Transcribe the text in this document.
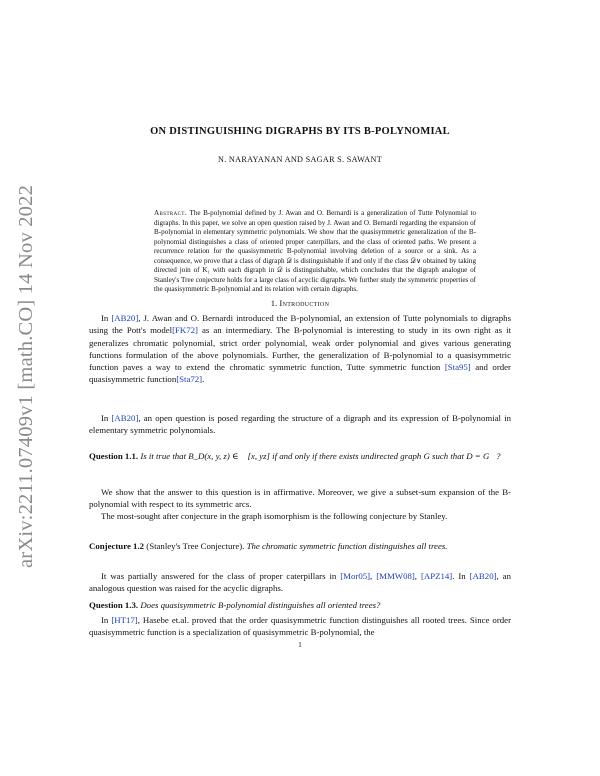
arXiv:2211.07409v1 [math.CO] 14 Nov 2022
ON DISTINGUISHING DIGRAPHS BY ITS B-POLYNOMIAL
N. NARAYANAN AND SAGAR S. SAWANT
Abstract. The B-polynomial defined by J. Awan and O. Bernardi is a generalization of Tutte Polynomial to digraphs. In this paper, we solve an open question raised by J. Awan and O. Bernardi regarding the expansion of B-polynomial in elementary symmetric polynomials. We show that the quasisymmetric generalization of the B-polynomial distinguishes a class of oriented proper caterpillars, and the class of oriented paths. We present a recurrence relation for the quasisymmetric B-polynomial involving deletion of a source or a sink. As a consequence, we prove that a class of digraph 𝒟 is distinguishable if and only if the class 𝒟∨ obtained by taking directed join of K₁ with each digraph in 𝒟 is distinguishable, which concludes that the digraph analogue of Stanley's Tree conjecture holds for a large class of acyclic digraphs. We further study the symmetric properties of the quasisymmetric B-polynomial and its relation with certain digraphs.
1. Introduction
In [AB20], J. Awan and O. Bernardi introduced the B-polynomial, an extension of Tutte polynomials to digraphs using the Pott's model[FK72] as an intermediary. The B-polynomial is interesting to study in its own right as it generalizes chromatic polynomial, strict order polynomial, weak order polynomial and gives various generating functions formulation of the above polynomials. Further, the generalization of B-polynomial to a quasisymmetric function paves a way to extend the chromatic symmetric function, Tutte symmetric function [Sta95] and order quasisymmetric function[Sta72].
In [AB20], an open question is posed regarding the structure of a digraph and its expression of B-polynomial in elementary symmetric polynomials.
Question 1.1. Is it true that B_D(x, y, z) ∈ ℚ[x, yz] if and only if there exists undirected graph G such that D = G⃡?
We show that the answer to this question is in affirmative. Moreover, we give a subset-sum expansion of the B-polynomial with respect to its symmetric arcs.
The most-sought after conjecture in the graph isomorphism is the following conjecture by Stanley.
Conjecture 1.2 (Stanley's Tree Conjecture). The chromatic symmetric function distinguishes all trees.
It was partially answered for the class of proper caterpillars in [Mor05], [MMW08], [APZ14]. In [AB20], an analogous question was raised for the acyclic digraphs.
Question 1.3. Does quasisymmetric B-polynomial distinguishes all oriented trees?
In [HT17], Hasebe et.al. proved that the order quasisymmetric function distinguishes all rooted trees. Since order quasisymmetric function is a specialization of quasisymmetric B-polynomial, the
1
